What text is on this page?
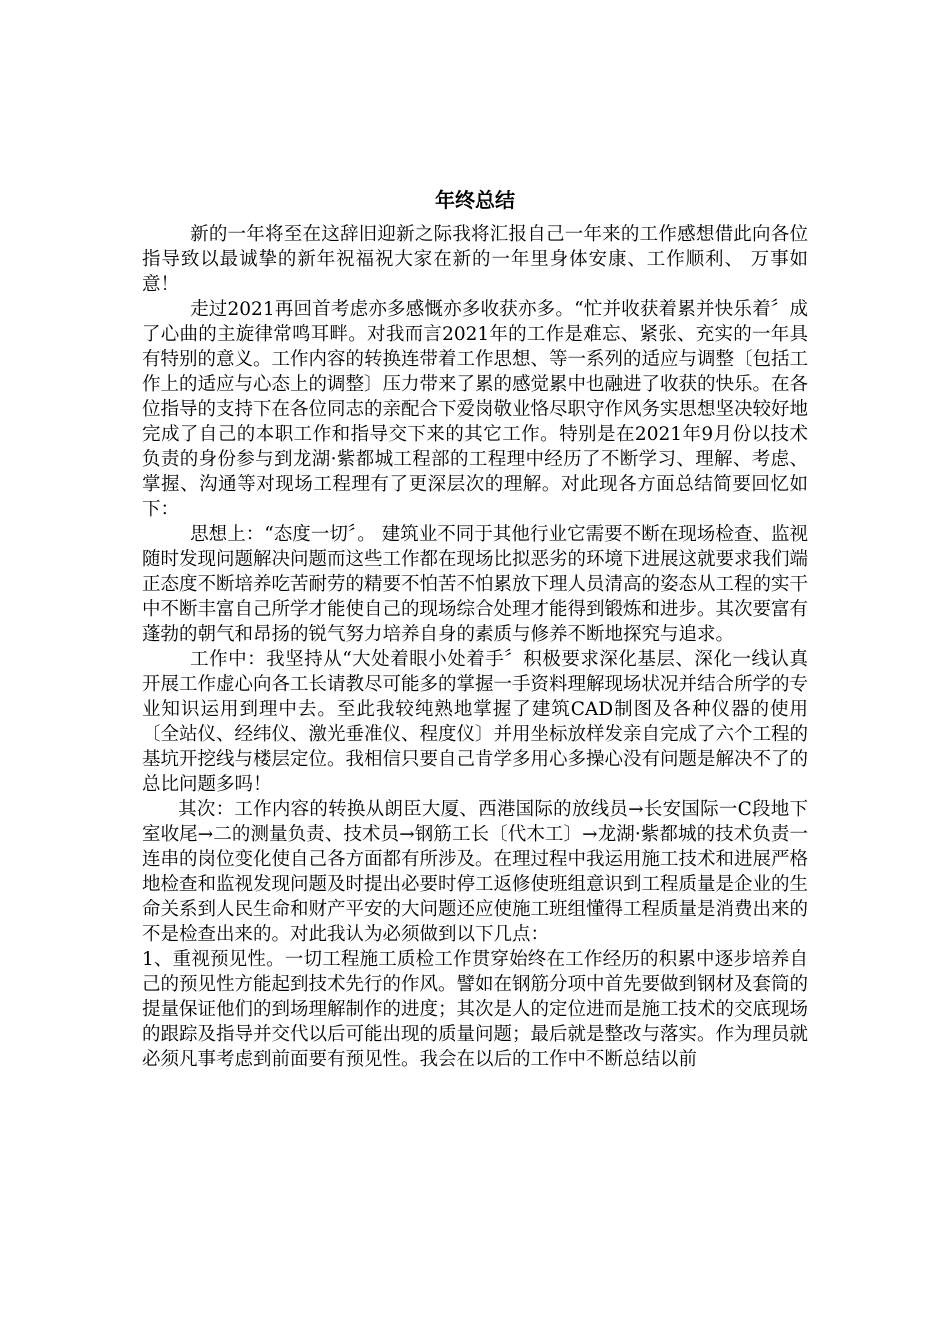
年终总结

新的一年将至在这辞旧迎新之际我将汇报自己一年来的工作感想借此向各位指导致以最诚挚的新年祝福祝大家在新的一年里身体安康、工作顺利、 万事如意！

走过2021再回首考虑亦多感慨亦多收获亦多。“忙并收获着累并快乐着〞成了心曲的主旋律常鸣耳畔。对我而言2021年的工作是难忘、紧张、充实的一年具有特别的意义。工作内容的转换连带着工作思想、等一系列的适应与调整〔包括工作上的适应与心态上的调整〕压力带来了累的感觉累中也融进了收获的快乐。在各位指导的支持下在各位同志的亲配合下爱岗敬业恪尽职守作风务实思想坚决较好地完成了自己的本职工作和指导交下来的其它工作。特别是在2021年9月份以技术负责的身份参与到龙湖·紫都城工程部的工程理中经历了不断学习、理解、考虑、掌握、沟通等对现场工程理有了更深层次的理解。对此现各方面总结简要回忆如下：

思想上：“态度一切〞。 建筑业不同于其他行业它需要不断在现场检查、监视随时发现问题解决问题而这些工作都在现场比拟恶劣的环境下进展这就要求我们端正态度不断培养吃苦耐劳的精要不怕苦不怕累放下理人员清高的姿态从工程的实干中不断丰富自己所学才能使自己的现场综合处理才能得到锻炼和进步。其次要富有蓬勃的朝气和昂扬的锐气努力培养自身的素质与修养不断地探究与追求。

工作中：我坚持从“大处着眼小处着手〞积极要求深化基层、深化一线认真开展工作虚心向各工长请教尽可能多的掌握一手资料理解现场状况并结合所学的专业知识运用到理中去。至此我较纯熟地掌握了建筑CAD制图及各种仪器的使用〔全站仪、经纬仪、激光垂准仪、程度仪〕并用坐标放样发亲自完成了六个工程的基坑开挖线与楼层定位。我相信只要自己肯学多用心多操心没有问题是解决不了的总比问题多吗！

其次：工作内容的转换从朗臣大厦、西港国际的放线员→长安国际一C段地下室收尾→二的测量负责、技术员→钢筋工长〔代木工〕→龙湖·紫都城的技术负责一连串的岗位变化使自己各方面都有所涉及。在理过程中我运用施工技术和进展严格地检查和监视发现问题及时提出必要时停工返修使班组意识到工程质量是企业的生命关系到人民生命和财产平安的大问题还应使施工班组懂得工程质量是消费出来的不是检查出来的。对此我认为必须做到以下几点：

1、重视预见性。一切工程施工质检工作贯穿始终在工作经历的积累中逐步培养自己的预见性方能起到技术先行的作风。譬如在钢筋分项中首先要做到钢材及套筒的提量保证他们的到场理解制作的进度；其次是人的定位进而是施工技术的交底现场的跟踪及指导并交代以后可能出现的质量问题；最后就是整改与落实。作为理员就必须凡事考虑到前面要有预见性。我会在以后的工作中不断总结以前
